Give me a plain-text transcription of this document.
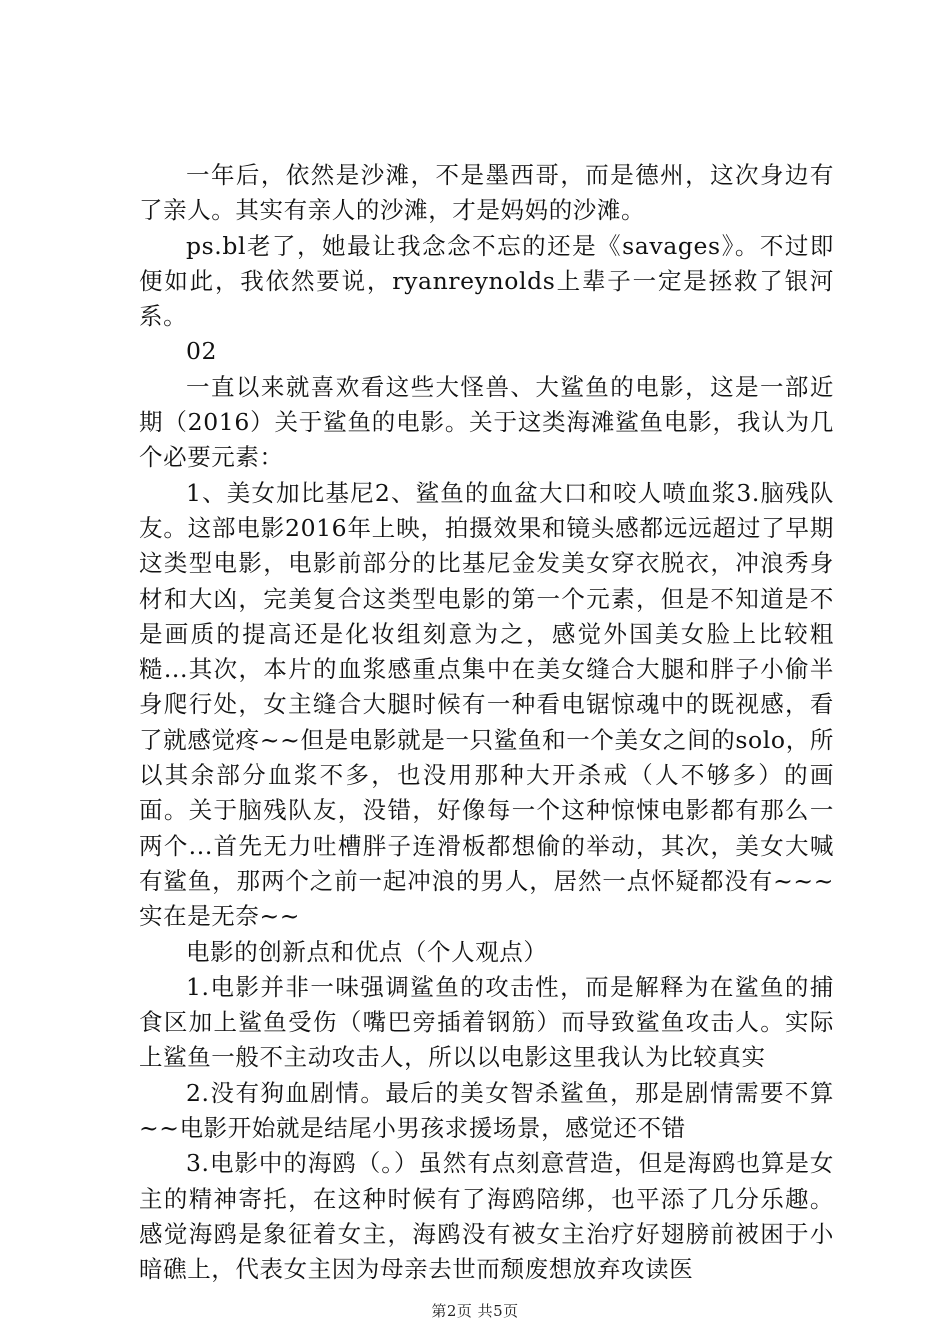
一年后，依然是沙滩，不是墨西哥，而是德州，这次身边有了亲人。其实有亲人的沙滩，才是妈妈的沙滩。

ps.bl老了，她最让我念念不忘的还是《savages》。不过即便如此，我依然要说，ryanreynolds上辈子一定是拯救了银河系。

02

一直以来就喜欢看这些大怪兽、大鲨鱼的电影，这是一部近期（2016）关于鲨鱼的电影。关于这类海滩鲨鱼电影，我认为几个必要元素：

1、美女加比基尼2、鲨鱼的血盆大口和咬人喷血浆3.脑残队友。这部电影2016年上映，拍摄效果和镜头感都远远超过了早期这类型电影，电影前部分的比基尼金发美女穿衣脱衣，冲浪秀身材和大凶，完美复合这类型电影的第一个元素，但是不知道是不是画质的提高还是化妆组刻意为之，感觉外国美女脸上比较粗糙...其次，本片的血浆感重点集中在美女缝合大腿和胖子小偷半身爬行处，女主缝合大腿时候有一种看电锯惊魂中的既视感，看了就感觉疼~~但是电影就是一只鲨鱼和一个美女之间的solo，所以其余部分血浆不多，也没用那种大开杀戒（人不够多）的画面。关于脑残队友，没错，好像每一个这种惊悚电影都有那么一两个...首先无力吐槽胖子连滑板都想偷的举动，其次，美女大喊有鲨鱼，那两个之前一起冲浪的男人，居然一点怀疑都没有~~~实在是无奈~~

电影的创新点和优点（个人观点）

1.电影并非一味强调鲨鱼的攻击性，而是解释为在鲨鱼的捕食区加上鲨鱼受伤（嘴巴旁插着钢筋）而导致鲨鱼攻击人。实际上鲨鱼一般不主动攻击人，所以以电影这里我认为比较真实

2.没有狗血剧情。最后的美女智杀鲨鱼，那是剧情需要不算~~电影开始就是结尾小男孩求援场景，感觉还不错

3.电影中的海鸥（。）虽然有点刻意营造，但是海鸥也算是女主的精神寄托，在这种时候有了海鸥陪绑，也平添了几分乐趣。感觉海鸥是象征着女主，海鸥没有被女主治疗好翅膀前被困于小暗礁上，代表女主因为母亲去世而颓废想放弃攻读医

第2页 共5页
